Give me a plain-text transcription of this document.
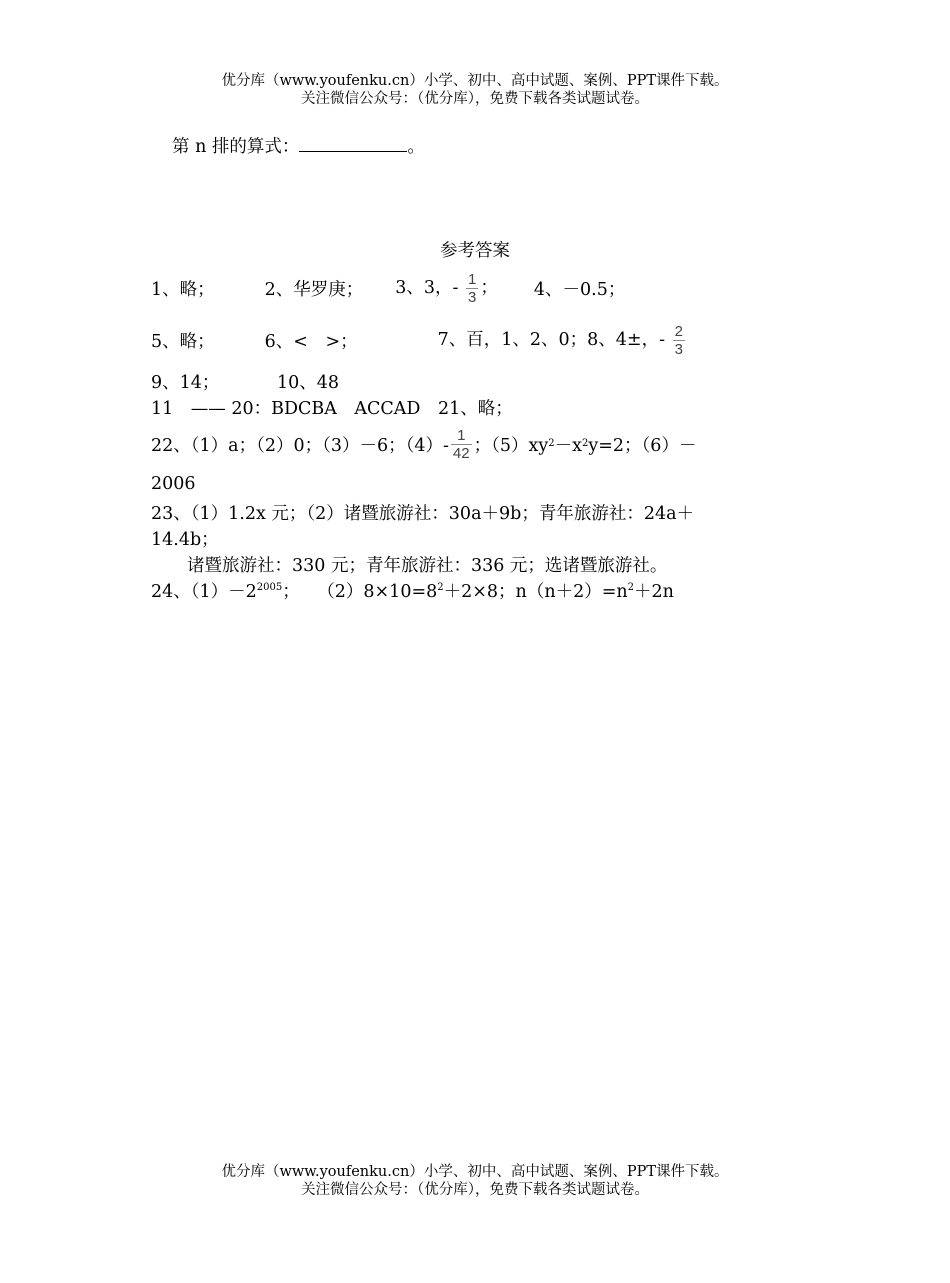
优分库（www.youfenku.cn）小学、初中、高中试题、案例、PPT课件下载。
关注微信公众号：（优分库），免费下载各类试题试卷。
第 n 排的算式：	。
参考答案
1、略；	2、华罗庚； 3、3，- $\frac{1}{3}$ ； 4、－0.5；
5、略；	6、<　>；	7、百，1、2、0；8、4±，- $\frac{2}{3}$
9、14；	10、48
11　—— 20：BDCBA　ACCAD　21、略；
22、（1）a；（2）0；（3）－6；$(4)- \frac{1}{42}$ ；（5）xy 2 －x 2 y=2；（6）－
2006
23、（1）1.2x 元；（2）诸暨旅游社：30a＋9b；青年旅游社：24a＋
14.4b；
诸暨旅游社：330 元；青年旅游社：336 元；选诸暨旅游社。
24、$(1)-2^{2005}$；　　$(2)8\times 10=8^2+2\times 8$；$n(n+2)=n^2+2n$
优分库（www.youfenku.cn）小学、初中、高中试题、案例、PPT课件下载。
关注微信公众号：（优分库），免费下载各类试题试卷。
